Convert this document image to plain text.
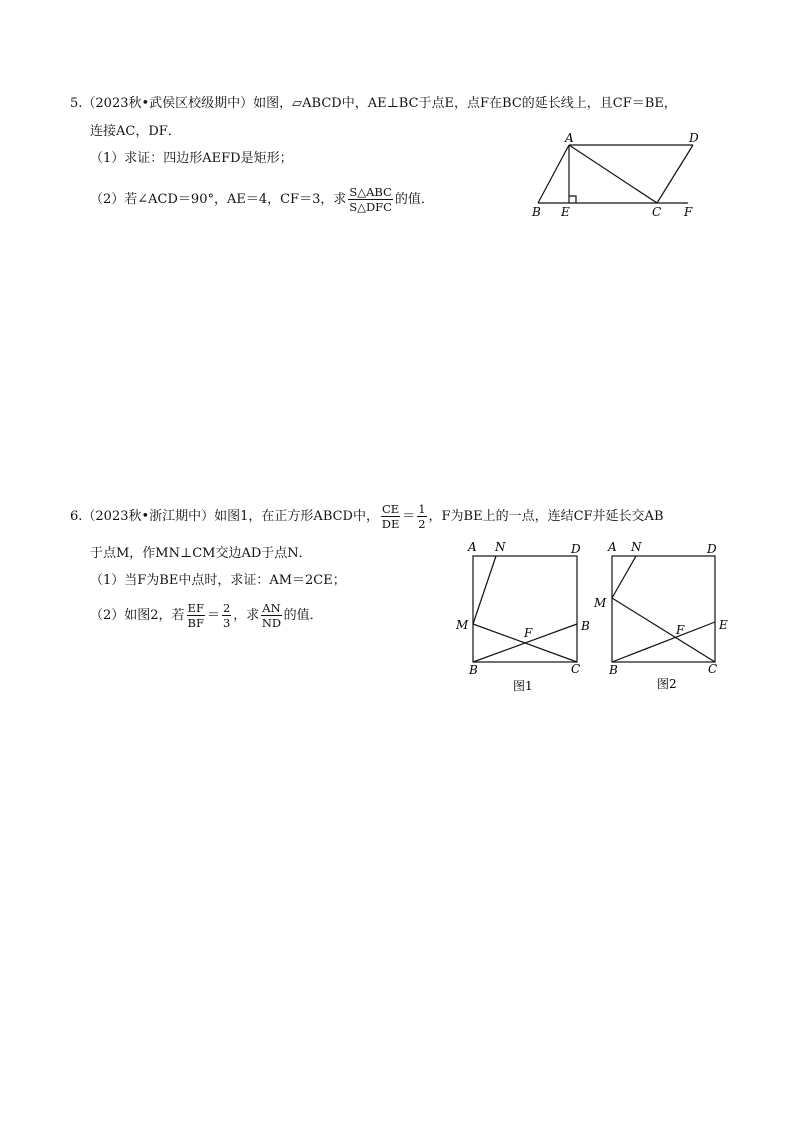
5.（2023秋•武侯区校级期中）如图，▱ABCD中，AE⊥BC于点E，点F在BC的延长线上，且CF＝BE，
连接AC，DF．
（1）求证：四边形AEFD是矩形；
（2）若∠ACD＝90°，AE＝4，CF＝3，求 $\frac{\text{S△ABC}}{\text{S△DFC}}$ 的值．
A	D
B E	C F
6.（2023秋•浙江期中）如图1，在正方形ABCD中， $\frac{CE}{DE} = \frac{1}{2}$ ，F为BE上的一点，连结CF并延长交AB
于点M，作MN⊥CM交边AD于点N．
（1）当F为BE中点时，求证：AM＝2CE；
（2）如图2，若 $\frac{EF}{BF} = \frac{2}{3}$ ，求 $\frac{AN}{ND}$ 的值．
A N	D
M
F	B
B	C
图1
A N	D
M
F	E
B	C
图2
